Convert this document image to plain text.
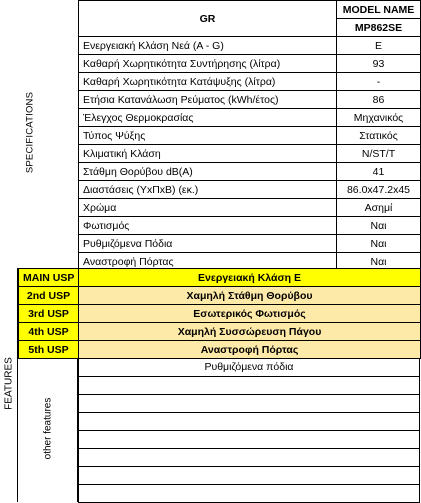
SPECIFICATIONS
GR	MODEL NAME
	MP862SE
Ενεργειακή Κλάση Νεά (A - G)	E
Καθαρή Χωρητικότητα Συντήρησης (λίτρα)	93
Καθαρή Χωρητικότητα Κατάψυξης (λίτρα)	-
Ετήσια Κατανάλωση Ρεύματος (kWh/έτος)	86
Έλεγχος Θερμοκρασίας	Μηχανικός
Τύπος Ψύξης	Στατικός
Κλιματική Κλάση	N/ST/T
Στάθμη Θορύβου dB(A)	41
Διαστάσεις (ΥxΠxΒ) (εκ.)	86.0x47.2x45
Χρώμα	Ασημί
Φωτισμός	Ναι
Ρυθμιζόμενα Πόδια	Ναι
Αναστροφή Πόρτας	Ναι
FEATURES
MAIN USP	Ενεργειακή Κλάση E
2nd USP	Χαμηλή Στάθμη Θορύβου
3rd USP	Εσωτερικός Φωτισμός
4th USP	Χαμηλή Συσσώρευση Πάγου
5th USP	Αναστροφή Πόρτας
other features
Ρυθμιζόμενα πόδια
